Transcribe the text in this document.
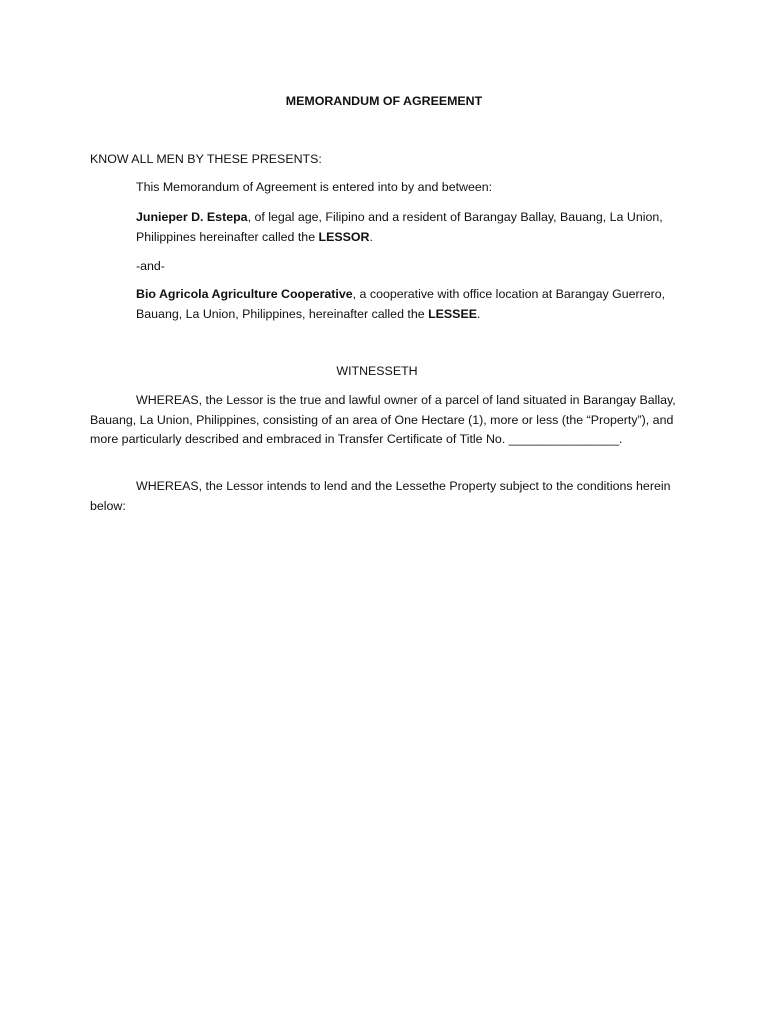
MEMORANDUM OF AGREEMENT

KNOW ALL MEN BY THESE PRESENTS:

This Memorandum of Agreement is entered into by and between:

Junieper D. Estepa, of legal age, Filipino and a resident of Barangay Ballay, Bauang, La Union, Philippines hereinafter called the LESSOR.

-and-

Bio Agricola Agriculture Cooperative, a cooperative with office location at Barangay Guerrero, Bauang, La Union, Philippines, hereinafter called the LESSEE.

WITNESSETH

WHEREAS, the Lessor is the true and lawful owner of a parcel of land situated in Barangay Ballay, Bauang, La Union, Philippines, consisting of an area of One Hectare (1), more or less (the “Property”), and more particularly described and embraced in Transfer Certificate of Title No. ________________.

WHEREAS, the Lessor intends to lend and the Lessethe Property subject to the conditions herein below:
